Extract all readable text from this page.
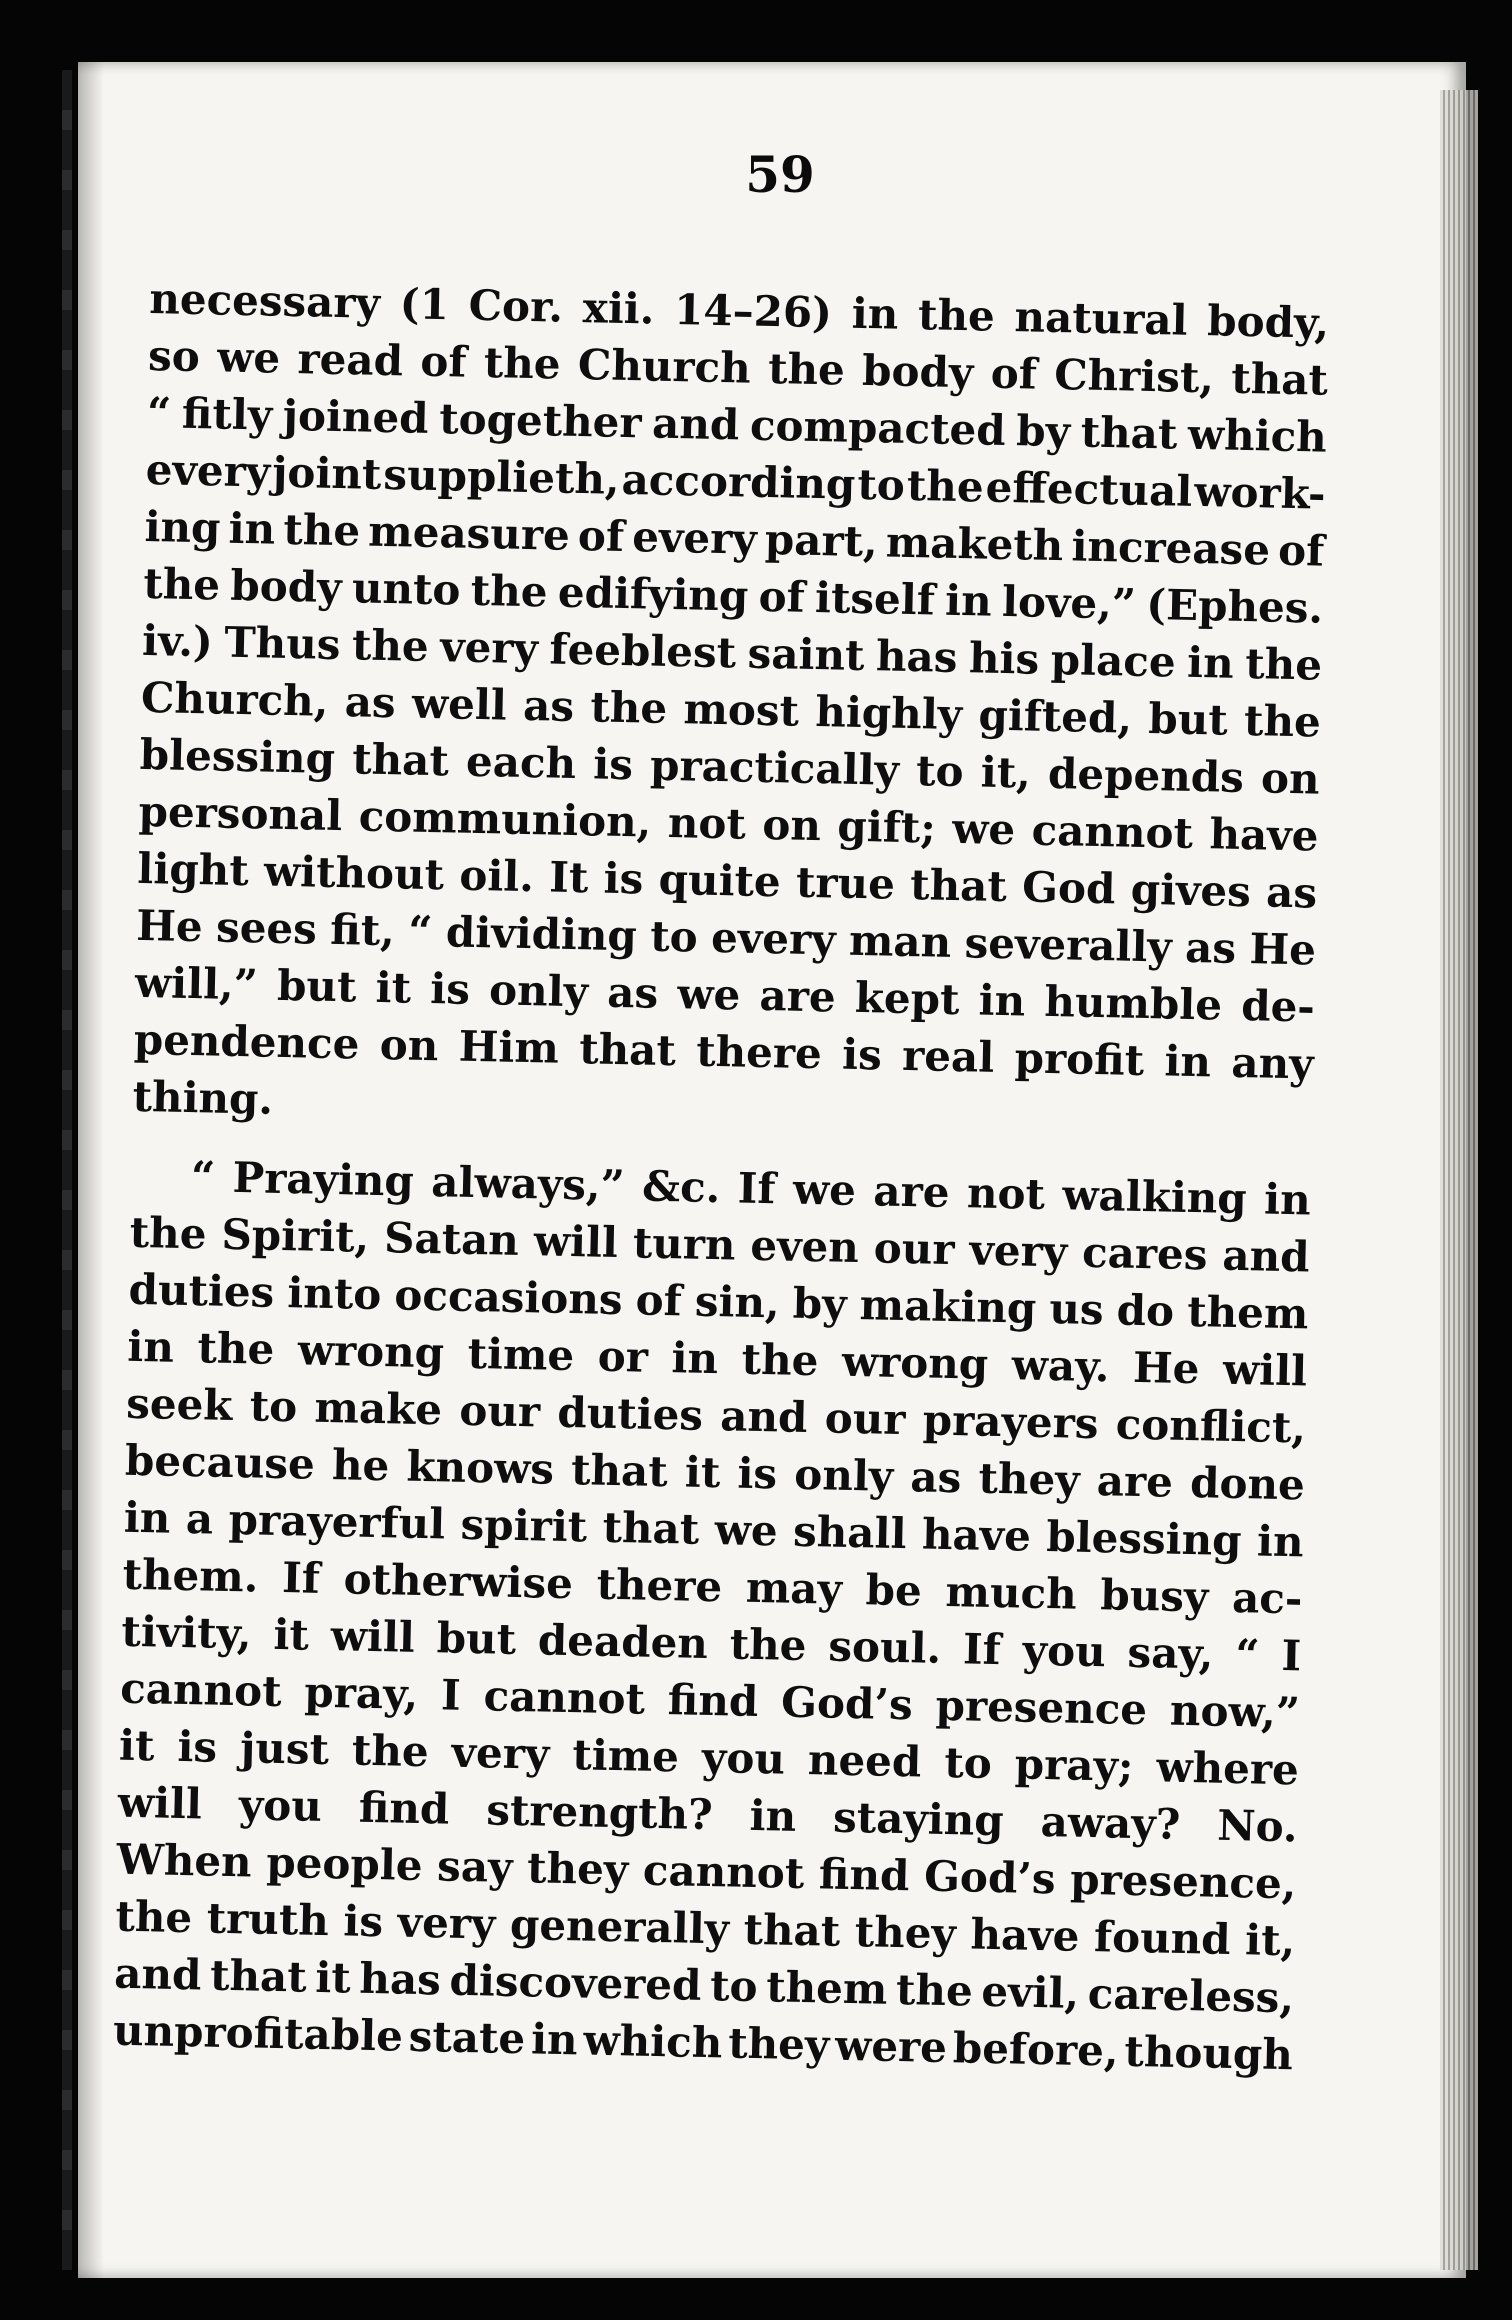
59
necessary (1 Cor. xii. 14–26) in the natural body,
so we read of the Church the body of Christ, that
“ fitly joined together and compacted by that which
every joint supplieth, according to the effectual work-
ing in the measure of every part, maketh increase of
the body unto the edifying of itself in love,” (Ephes.
iv.) Thus the very feeblest saint has his place in the
Church, as well as the most highly gifted, but the
blessing that each is practically to it, depends on
personal communion, not on gift; we cannot have
light without oil. It is quite true that God gives as
He sees fit, “ dividing to every man severally as He
will,” but it is only as we are kept in humble de-
pendence on Him that there is real profit in any
thing.
“ Praying always,” &c. If we are not walking in
the Spirit, Satan will turn even our very cares and
duties into occasions of sin, by making us do them
in the wrong time or in the wrong way. He will
seek to make our duties and our prayers conflict,
because he knows that it is only as they are done
in a prayerful spirit that we shall have blessing in
them. If otherwise there may be much busy ac-
tivity, it will but deaden the soul. If you say, “ I
cannot pray, I cannot find God’s presence now,”
it is just the very time you need to pray; where
will you find strength? in staying away? No.
When people say they cannot find God’s presence,
the truth is very generally that they have found it,
and that it has discovered to them the evil, careless,
unprofitable state in which they were before, though
